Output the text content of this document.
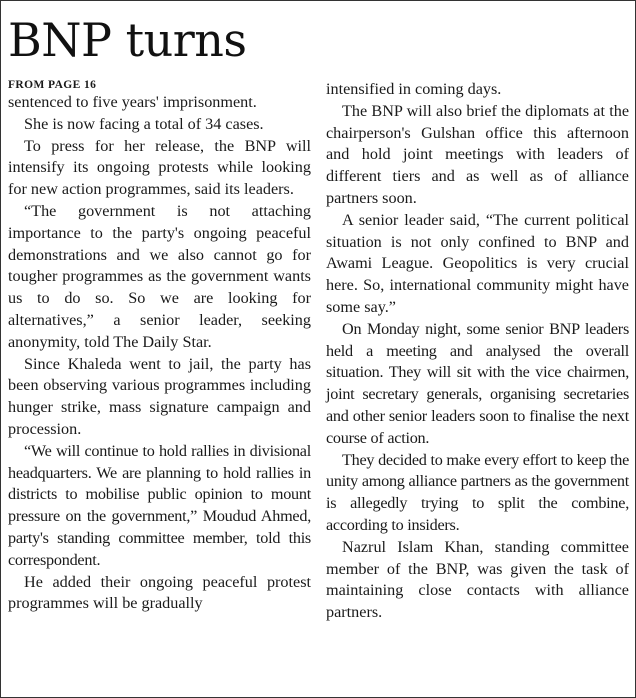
BNP turns

FROM PAGE 16

sentenced to five years' imprisonment.

She is now facing a total of 34 cases.

To press for her release, the BNP will intensify its ongoing protests while looking for new action programmes, said its leaders.

“The government is not attaching importance to the party's ongoing peaceful demonstrations and we also cannot go for tougher programmes as the government wants us to do so. So we are looking for alternatives,” a senior leader, seeking anonymity, told The Daily Star.

Since Khaleda went to jail, the party has been observing various programmes including hunger strike, mass signature campaign and procession.

“We will continue to hold rallies in divisional headquarters. We are planning to hold rallies in districts to mobilise public opinion to mount pressure on the government,” Moudud Ahmed, party's standing committee member, told this correspondent.

He added their ongoing peaceful protest programmes will be gradually

intensified in coming days.

The BNP will also brief the diplomats at the chairperson's Gulshan office this afternoon and hold joint meetings with leaders of different tiers and as well as of alliance partners soon.

A senior leader said, “The current political situation is not only confined to BNP and Awami League. Geopolitics is very crucial here. So, international community might have some say.”

On Monday night, some senior BNP leaders held a meeting and analysed the overall situation. They will sit with the vice chairmen, joint secretary generals, organising secretaries and other senior leaders soon to finalise the next course of action.

They decided to make every effort to keep the unity among alliance partners as the government is allegedly trying to split the combine, according to insiders.

Nazrul Islam Khan, standing committee member of the BNP, was given the task of maintaining close contacts with alliance partners.
